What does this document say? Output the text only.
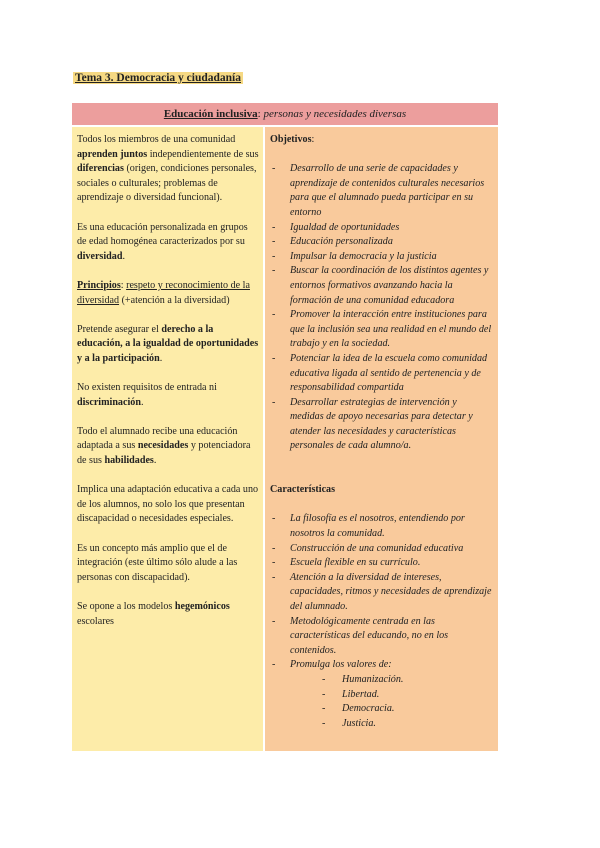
Tema 3. Democracia y ciudadanía
Educación inclusiva: personas y necesidades diversas

Todos los miembros de una comunidad aprenden juntos independientemente de sus diferencias (origen, condiciones personales, sociales o culturales; problemas de aprendizaje o diversidad funcional).

Es una educación personalizada en grupos de edad homogénea caracterizados por su diversidad.

Principios: respeto y reconocimiento de la diversidad (+atención a la diversidad)

Pretende asegurar el derecho a la educación, a la igualdad de oportunidades y a la participación.

No existen requisitos de entrada ni discriminación.

Todo el alumnado recibe una educación adaptada a sus necesidades y potenciadora de sus habilidades.

Implica una adaptación educativa a cada uno de los alumnos, no solo los que presentan discapacidad o necesidades especiales.

Es un concepto más amplio que el de integración (este último sólo alude a las personas con discapacidad).

Se opone a los modelos hegemónicos escolares

Objetivos:

- Desarrollo de una serie de capacidades y aprendizaje de contenidos culturales necesarios para que el alumnado pueda participar en su entorno
- Igualdad de oportunidades
- Educación personalizada
- Impulsar la democracia y la justicia
- Buscar la coordinación de los distintos agentes y entornos formativos avanzando hacia la formación de una comunidad educadora
- Promover la interacción entre instituciones para que la inclusión sea una realidad en el mundo del trabajo y en la sociedad.
- Potenciar la idea de la escuela como comunidad educativa ligada al sentido de pertenencia y de responsabilidad compartida
- Desarrollar estrategias de intervención y medidas de apoyo necesarias para detectar y atender las necesidades y características personales de cada alumno/a.

Características

- La filosofía es el nosotros, entendiendo por nosotros la comunidad.
- Construcción de una comunidad educativa
- Escuela flexible en su currículo.
- Atención a la diversidad de intereses, capacidades, ritmos y necesidades de aprendizaje del alumnado.
- Metodológicamente centrada en las características del educando, no en los contenidos.
- Promulga los valores de:
- Humanización.
- Libertad.
- Democracia.
- Justicia.
